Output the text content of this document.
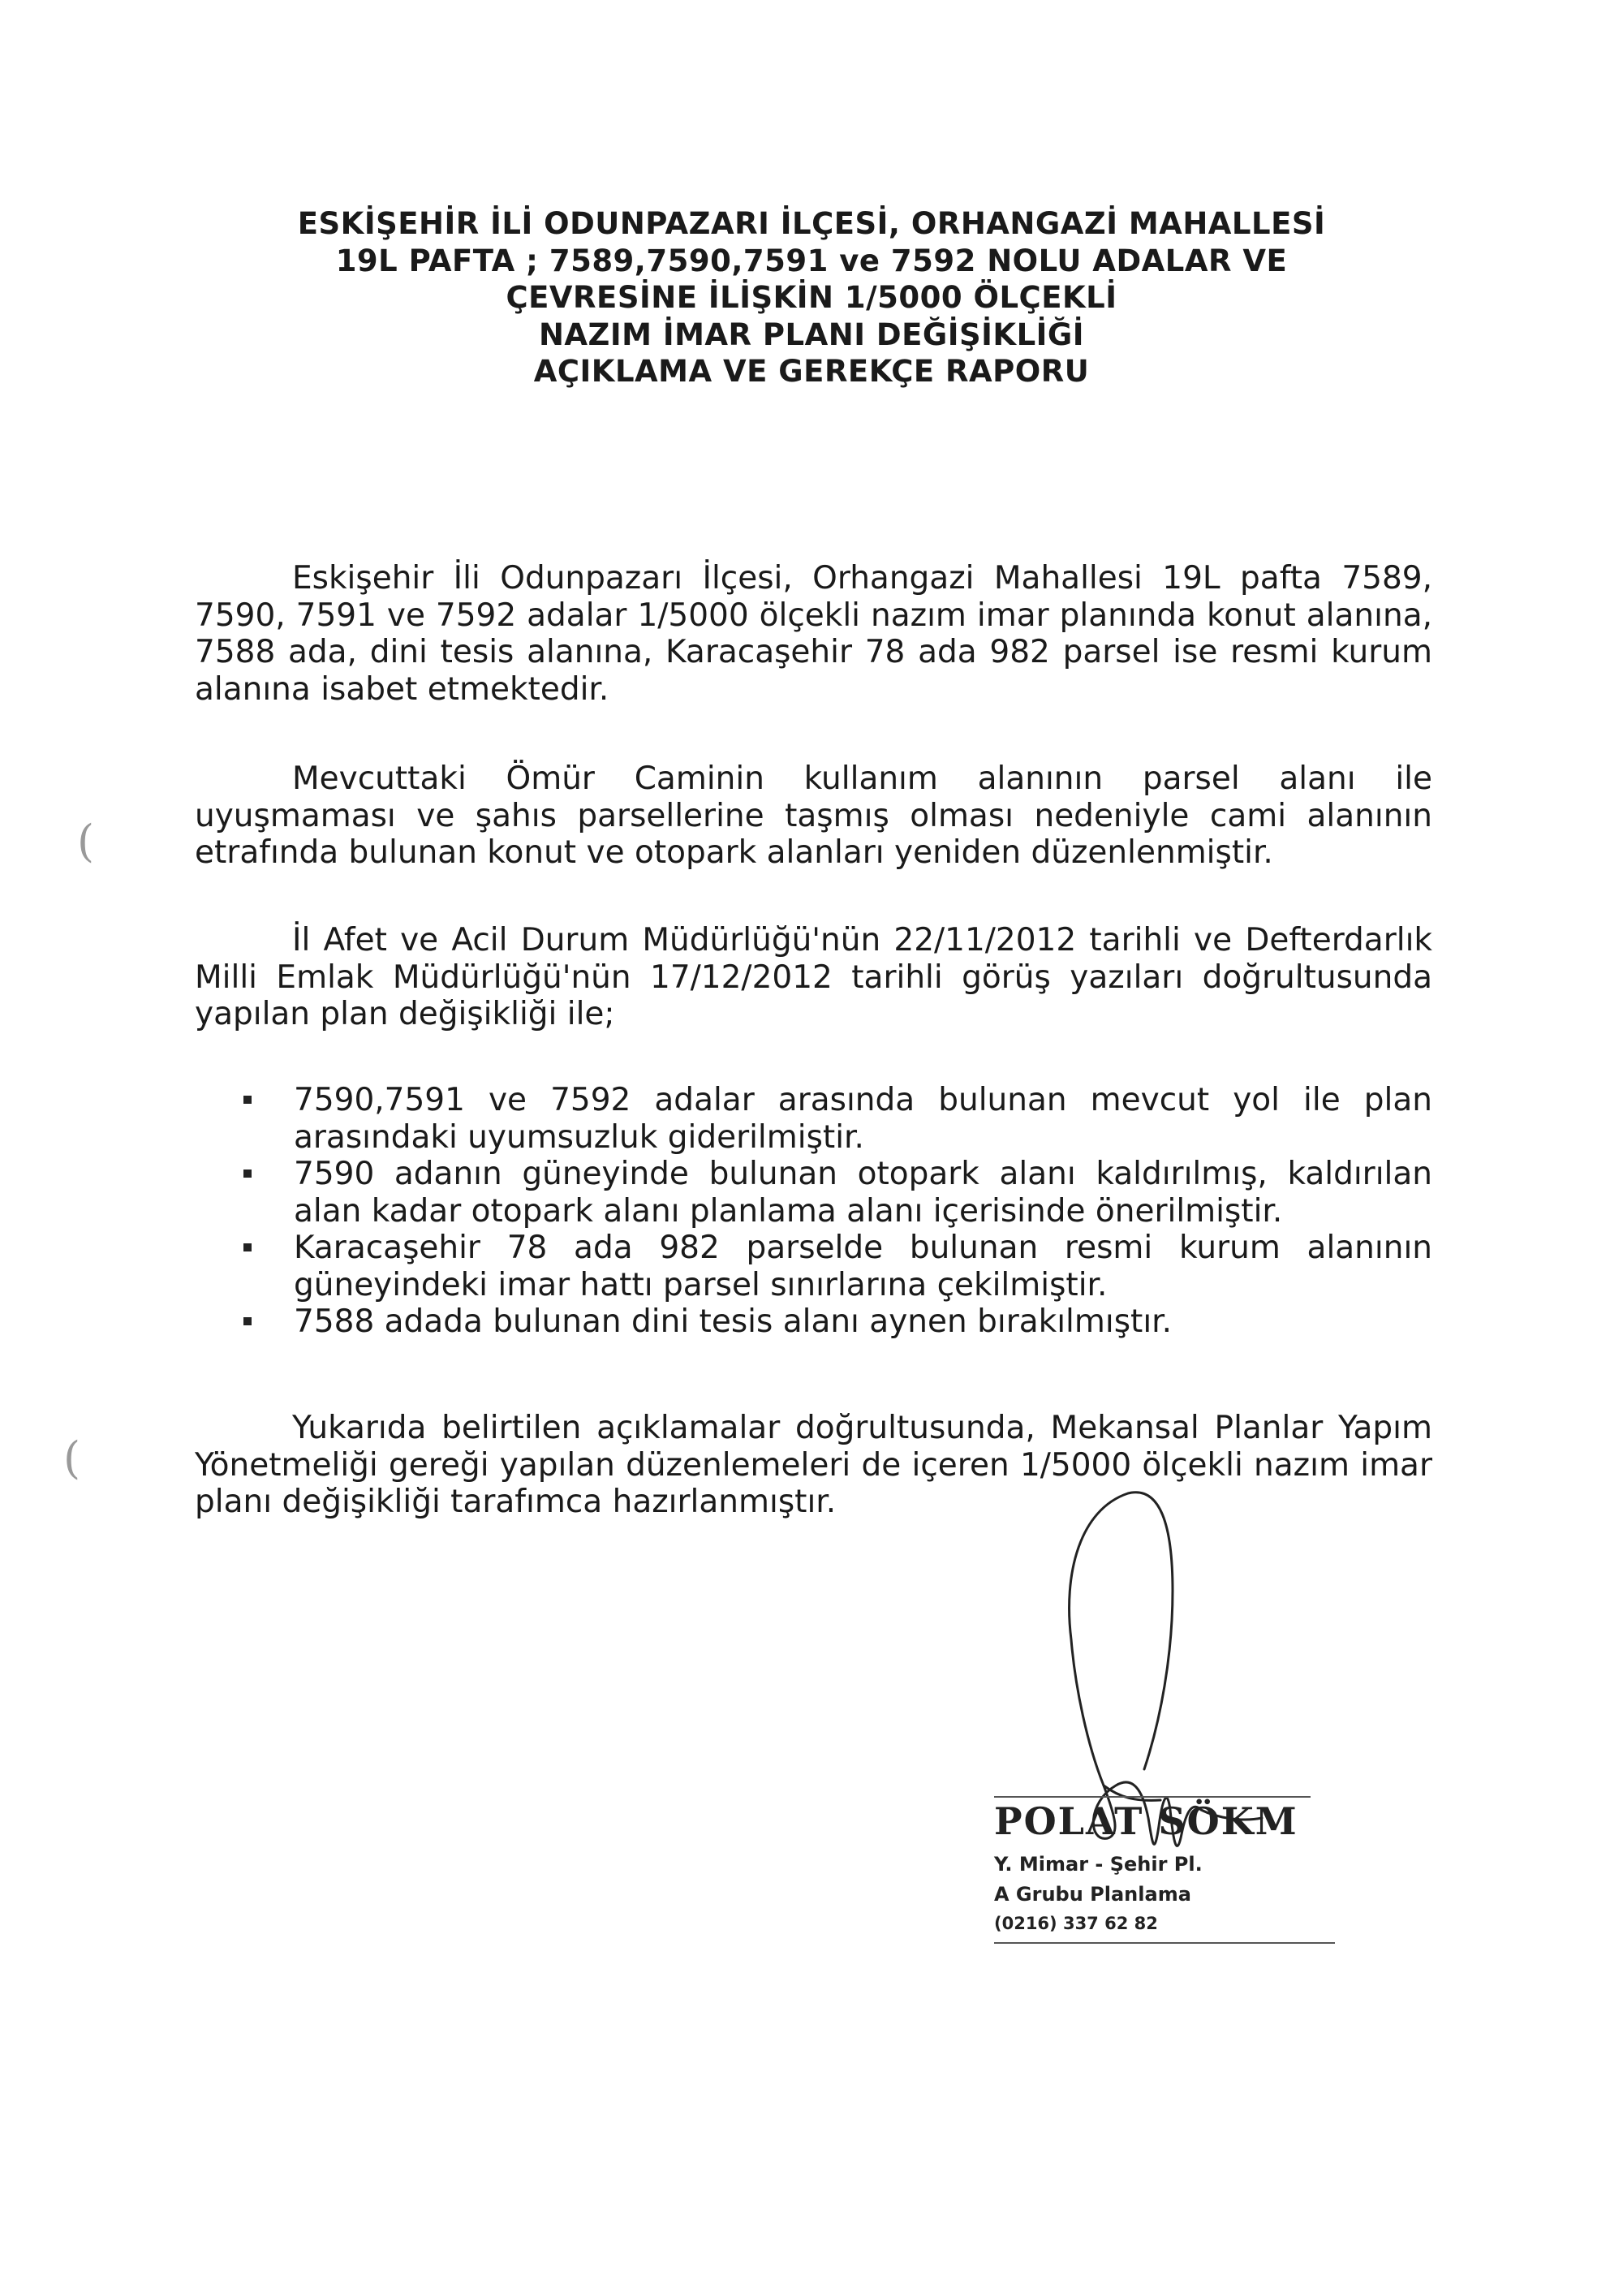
(
(
ESKİŞEHİR İLİ ODUNPAZARI İLÇESİ, ORHANGAZİ MAHALLESİ
19L PAFTA ; 7589,7590,7591 ve 7592 NOLU ADALAR VE
ÇEVRESİNE İLİŞKİN 1/5000 ÖLÇEKLİ
NAZIM İMAR PLANI DEĞİŞİKLİĞİ
AÇIKLAMA VE GEREKÇE RAPORU

Eskişehir İli Odunpazarı İlçesi, Orhangazi Mahallesi 19L pafta 7589, 7590, 7591 ve 7592 adalar 1/5000 ölçekli nazım imar planında konut alanına, 7588 ada, dini tesis alanına, Karacaşehir 78 ada 982 parsel ise resmi kurum alanına isabet etmektedir.

Mevcuttaki Ömür Caminin kullanım alanının parsel alanı ile uyuşmaması ve şahıs parsellerine taşmış olması nedeniyle cami alanının etrafında bulunan konut ve otopark alanları yeniden düzenlenmiştir.

İl Afet ve Acil Durum Müdürlüğü'nün 22/11/2012 tarihli ve Defterdarlık Milli Emlak Müdürlüğü'nün 17/12/2012 tarihli görüş yazıları doğrultusunda yapılan plan değişikliği ile;

7590,7591 ve 7592 adalar arasında bulunan mevcut yol ile plan arasındaki uyumsuzluk giderilmiştir.
7590 adanın güneyinde bulunan otopark alanı kaldırılmış, kaldırılan alan kadar otopark alanı planlama alanı içerisinde önerilmiştir.
Karacaşehir 78 ada 982 parselde bulunan resmi kurum alanının güneyindeki imar hattı parsel sınırlarına çekilmiştir.
7588 adada bulunan dini tesis alanı aynen bırakılmıştır.

Yukarıda belirtilen açıklamalar doğrultusunda, Mekansal Planlar Yapım Yönetmeliği gereği yapılan düzenlemeleri de içeren 1/5000 ölçekli nazım imar planı değişikliği tarafımca hazırlanmıştır.

POLAT SÖKM
Y. Mimar - Şehir Pl.
A Grubu Planlama
(0216) 337 62 82
